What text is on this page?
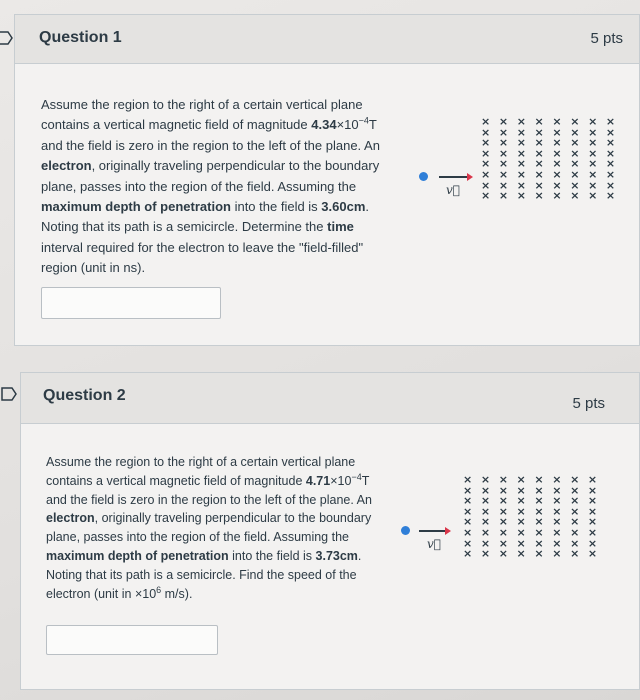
Question 1	5 pts
Assume the region to the right of a certain vertical plane contains a vertical magnetic field of magnitude $4.34\times 10^{-4}T$ and the field is zero in the region to the left of the plane. An electron, originally traveling perpendicular to the boundary plane, passes into the region of the field. Assuming the maximum depth of penetration into the field is 3.60cm. Noting that its path is a semicircle. Determine the time interval required for the electron to leave the "field-filled" region (unit in ns).
v⃗
× × × × × × × ×
× × × × × × × ×
× × × × × × × ×
× × × × × × × ×
× × × × × × × ×
× × × × × × × ×
× × × × × × × ×
× × × × × × × ×
Question 2	5 pts
Assume the region to the right of a certain vertical plane contains a vertical magnetic field of magnitude $4.71\times 10^{-4}T$ and the field is zero in the region to the left of the plane. An electron, originally traveling perpendicular to the boundary plane, passes into the region of the field. Assuming the maximum depth of penetration into the field is 3.73cm. Noting that its path is a semicircle. Find the speed of the electron (unit in $\times 10^6$ m/s).
v⃗
× × × × × × × ×
× × × × × × × ×
× × × × × × × ×
× × × × × × × ×
× × × × × × × ×
× × × × × × × ×
× × × × × × × ×
× × × × × × × ×
